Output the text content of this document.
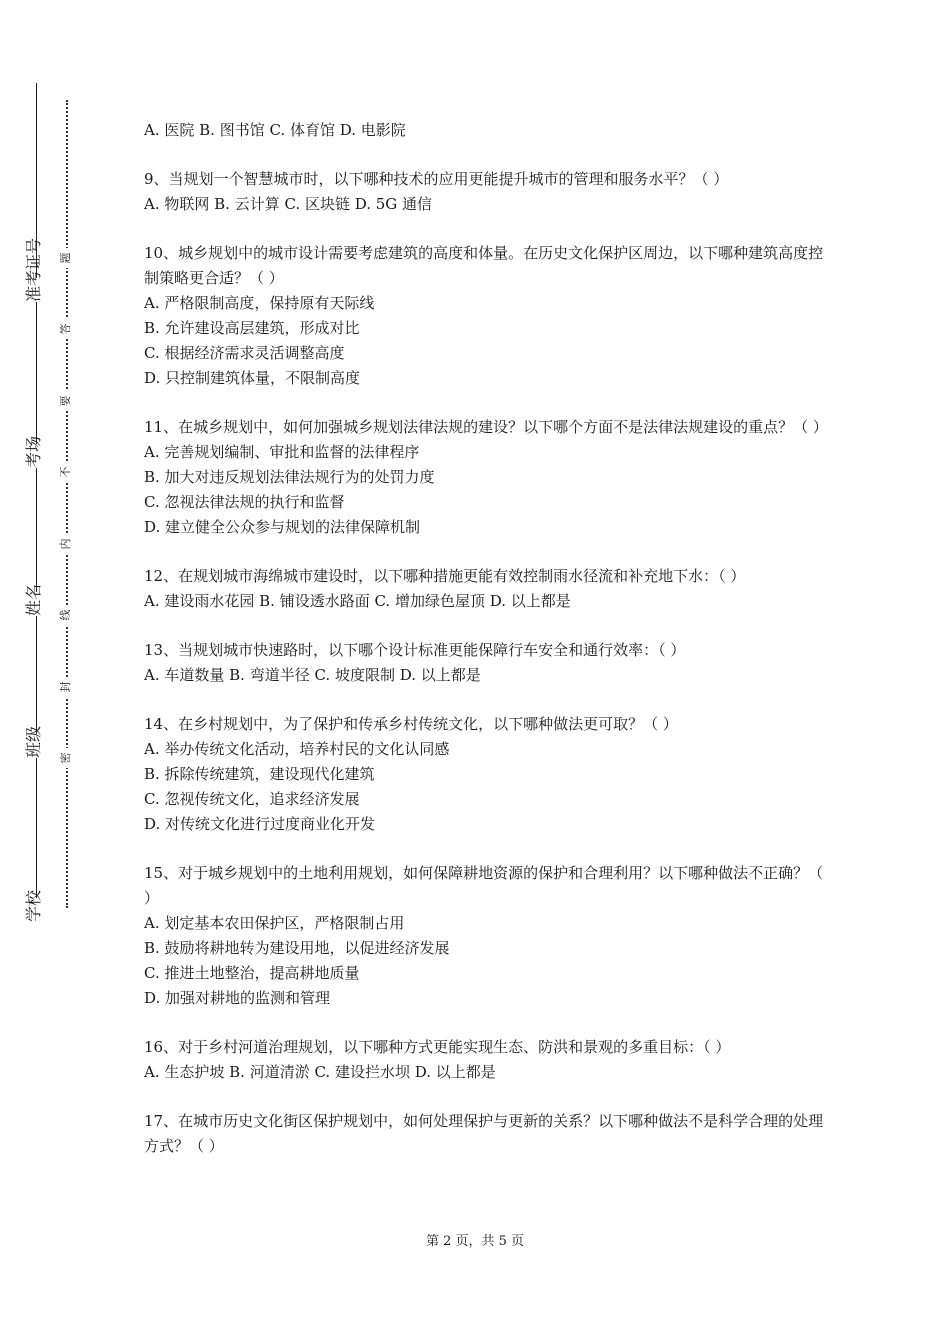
准考证号
考场
姓名
班级
学校
题
答
要
不
内
线
封
密

A. 医院 B. 图书馆 C. 体育馆 D. 电影院

9、当规划一个智慧城市时，以下哪种技术的应用更能提升城市的管理和服务水平？（ ）

A. 物联网 B. 云计算 C. 区块链 D. 5G 通信

10、城乡规划中的城市设计需要考虑建筑的高度和体量。在历史文化保护区周边，以下哪种建筑高度控制策略更合适？（ ）

A. 严格限制高度，保持原有天际线

B. 允许建设高层建筑，形成对比

C. 根据经济需求灵活调整高度

D. 只控制建筑体量，不限制高度

11、在城乡规划中，如何加强城乡规划法律法规的建设？以下哪个方面不是法律法规建设的重点？（ ）

A. 完善规划编制、审批和监督的法律程序

B. 加大对违反规划法律法规行为的处罚力度

C. 忽视法律法规的执行和监督

D. 建立健全公众参与规划的法律保障机制

12、在规划城市海绵城市建设时，以下哪种措施更能有效控制雨水径流和补充地下水：（ ）

A. 建设雨水花园 B. 铺设透水路面 C. 增加绿色屋顶 D. 以上都是

13、当规划城市快速路时，以下哪个设计标准更能保障行车安全和通行效率：（ ）

A. 车道数量 B. 弯道半径 C. 坡度限制 D. 以上都是

14、在乡村规划中，为了保护和传承乡村传统文化，以下哪种做法更可取？（ ）

A. 举办传统文化活动，培养村民的文化认同感

B. 拆除传统建筑，建设现代化建筑

C. 忽视传统文化，追求经济发展

D. 对传统文化进行过度商业化开发

15、对于城乡规划中的土地利用规划，如何保障耕地资源的保护和合理利用？以下哪种做法不正确？（ ）

A. 划定基本农田保护区，严格限制占用

B. 鼓励将耕地转为建设用地，以促进经济发展

C. 推进土地整治，提高耕地质量

D. 加强对耕地的监测和管理

16、对于乡村河道治理规划，以下哪种方式更能实现生态、防洪和景观的多重目标：（ ）

A. 生态护坡 B. 河道清淤 C. 建设拦水坝 D. 以上都是

17、在城市历史文化街区保护规划中，如何处理保护与更新的关系？以下哪种做法不是科学合理的处理方式？（ ）

第 2 页，共 5 页
